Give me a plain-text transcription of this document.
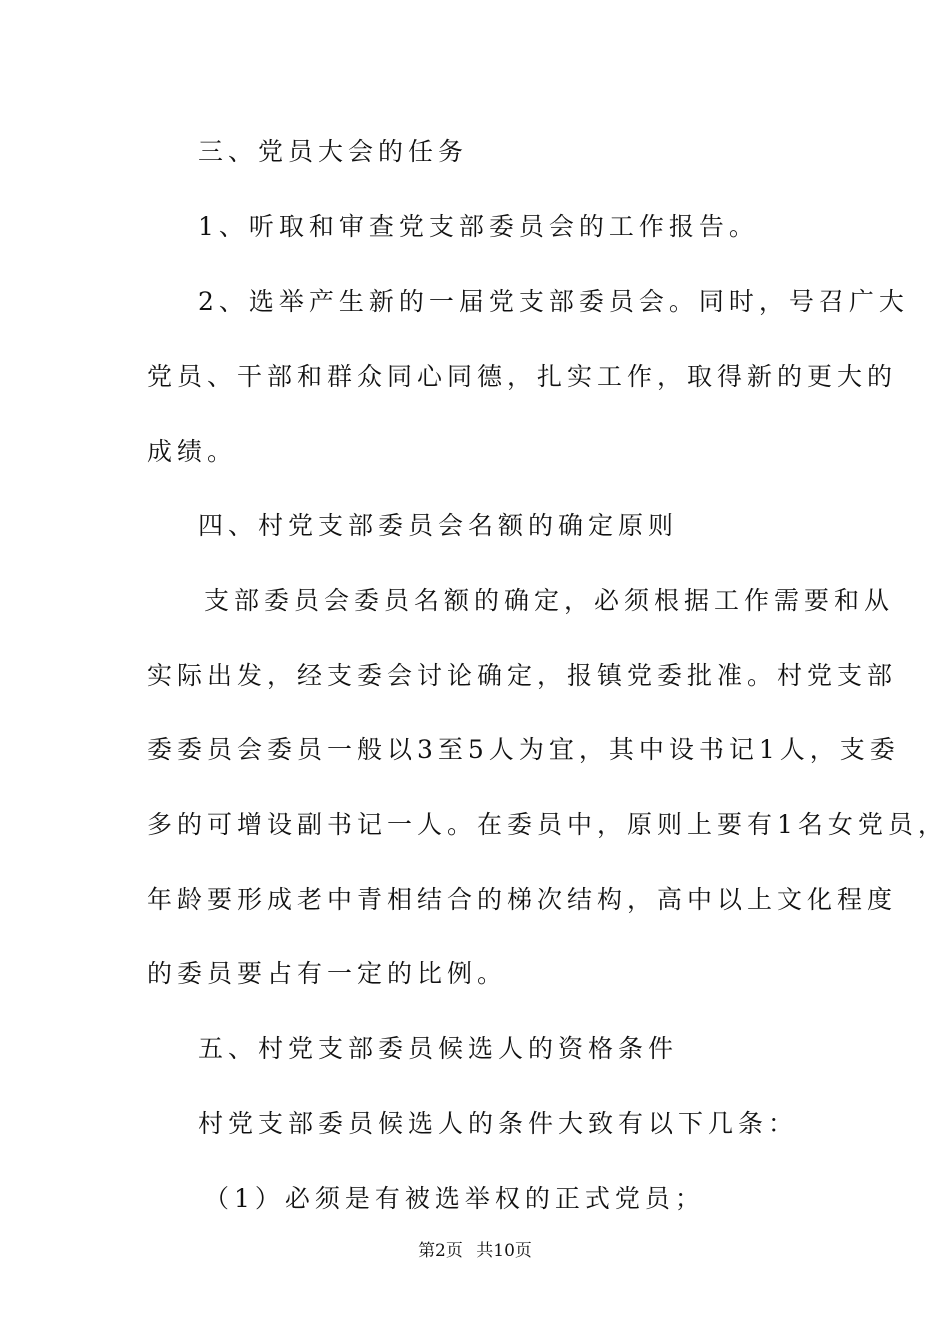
三、党员大会的任务
1、听取和审查党支部委员会的工作报告。
2、选举产生新的一届党支部委员会。同时，号召广大
党员、干部和群众同心同德，扎实工作，取得新的更大的
成绩。
四、村党支部委员会名额的确定原则
支部委员会委员名额的确定，必须根据工作需要和从
实际出发，经支委会讨论确定，报镇党委批准。村党支部
委委员会委员一般以3至5人为宜，其中设书记1人，支委
多的可增设副书记一人。在委员中，原则上要有1名女党员，
年龄要形成老中青相结合的梯次结构，高中以上文化程度
的委员要占有一定的比例。
五、村党支部委员候选人的资格条件
村党支部委员候选人的条件大致有以下几条：
（1）必须是有被选举权的正式党员；
第2页 共10页
